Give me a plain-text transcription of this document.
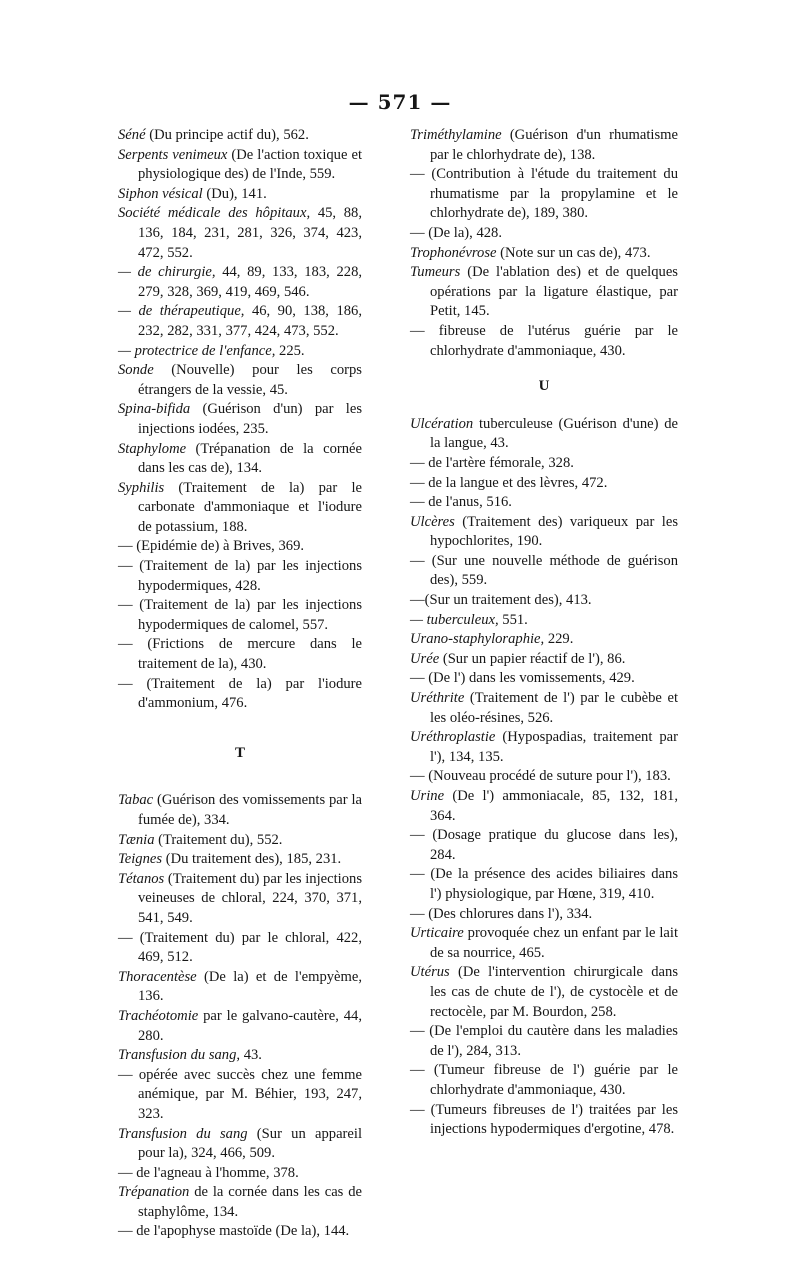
— 571 —

Séné (Du principe actif du), 562.

Serpents venimeux (De l'action toxique et physiologique des) de l'Inde, 559.

Siphon vésical (Du), 141.

Société médicale des hôpitaux, 45, 88, 136, 184, 231, 281, 326, 374, 423, 472, 552.

— de chirurgie, 44, 89, 133, 183, 228, 279, 328, 369, 419, 469, 546.

— de thérapeutique, 46, 90, 138, 186, 232, 282, 331, 377, 424, 473, 552.

— protectrice de l'enfance, 225.

Sonde (Nouvelle) pour les corps étrangers de la vessie, 45.

Spina-bifida (Guérison d'un) par les injections iodées, 235.

Staphylome (Trépanation de la cornée dans les cas de), 134.

Syphilis (Traitement de la) par le carbonate d'ammoniaque et l'iodure de potassium, 188.

— (Epidémie de) à Brives, 369.

— (Traitement de la) par les injections hypodermiques, 428.

— (Traitement de la) par les injections hypodermiques de calomel, 557.

— (Frictions de mercure dans le traitement de la), 430.

— (Traitement de la) par l'iodure d'ammonium, 476.

T

Tabac (Guérison des vomissements par la fumée de), 334.

Tænia (Traitement du), 552.

Teignes (Du traitement des), 185, 231.

Tétanos (Traitement du) par les injections veineuses de chloral, 224, 370, 371, 541, 549.

— (Traitement du) par le chloral, 422, 469, 512.

Thoracentèse (De la) et de l'empyème, 136.

Trachéotomie par le galvano-cautère, 44, 280.

Transfusion du sang, 43.

— opérée avec succès chez une femme anémique, par M. Béhier, 193, 247, 323.

Transfusion du sang (Sur un appareil pour la), 324, 466, 509.

— de l'agneau à l'homme, 378.

Trépanation de la cornée dans les cas de staphylôme, 134.

— de l'apophyse mastoïde (De la), 144.

Triméthylamine (Guérison d'un rhumatisme par le chlorhydrate de), 138.

— (Contribution à l'étude du traitement du rhumatisme par la propylamine et le chlorhydrate de), 189, 380.

— (De la), 428.

Trophonévrose (Note sur un cas de), 473.

Tumeurs (De l'ablation des) et de quelques opérations par la ligature élastique, par Petit, 145.

— fibreuse de l'utérus guérie par le chlorhydrate d'ammoniaque, 430.

U

Ulcération tuberculeuse (Guérison d'une) de la langue, 43.

— de l'artère fémorale, 328.

— de la langue et des lèvres, 472.

— de l'anus, 516.

Ulcères (Traitement des) variqueux par les hypochlorites, 190.

— (Sur une nouvelle méthode de guérison des), 559.

—(Sur un traitement des), 413.

— tuberculeux, 551.

Urano-staphyloraphie, 229.

Urée (Sur un papier réactif de l'), 86.

— (De l') dans les vomissements, 429.

Uréthrite (Traitement de l') par le cubèbe et les oléo-résines, 526.

Uréthroplastie (Hypospadias, traitement par l'), 134, 135.

— (Nouveau procédé de suture pour l'), 183.

Urine (De l') ammoniacale, 85, 132, 181, 364.

— (Dosage pratique du glucose dans les), 284.

— (De la présence des acides biliaires dans l') physiologique, par Hœne, 319, 410.

— (Des chlorures dans l'), 334.

Urticaire provoquée chez un enfant par le lait de sa nourrice, 465.

Utérus (De l'intervention chirurgicale dans les cas de chute de l'), de cystocèle et de rectocèle, par M. Bourdon, 258.

— (De l'emploi du cautère dans les maladies de l'), 284, 313.

— (Tumeur fibreuse de l') guérie par le chlorhydrate d'ammoniaque, 430.

— (Tumeurs fibreuses de l') traitées par les injections hypodermiques d'ergotine, 478.
